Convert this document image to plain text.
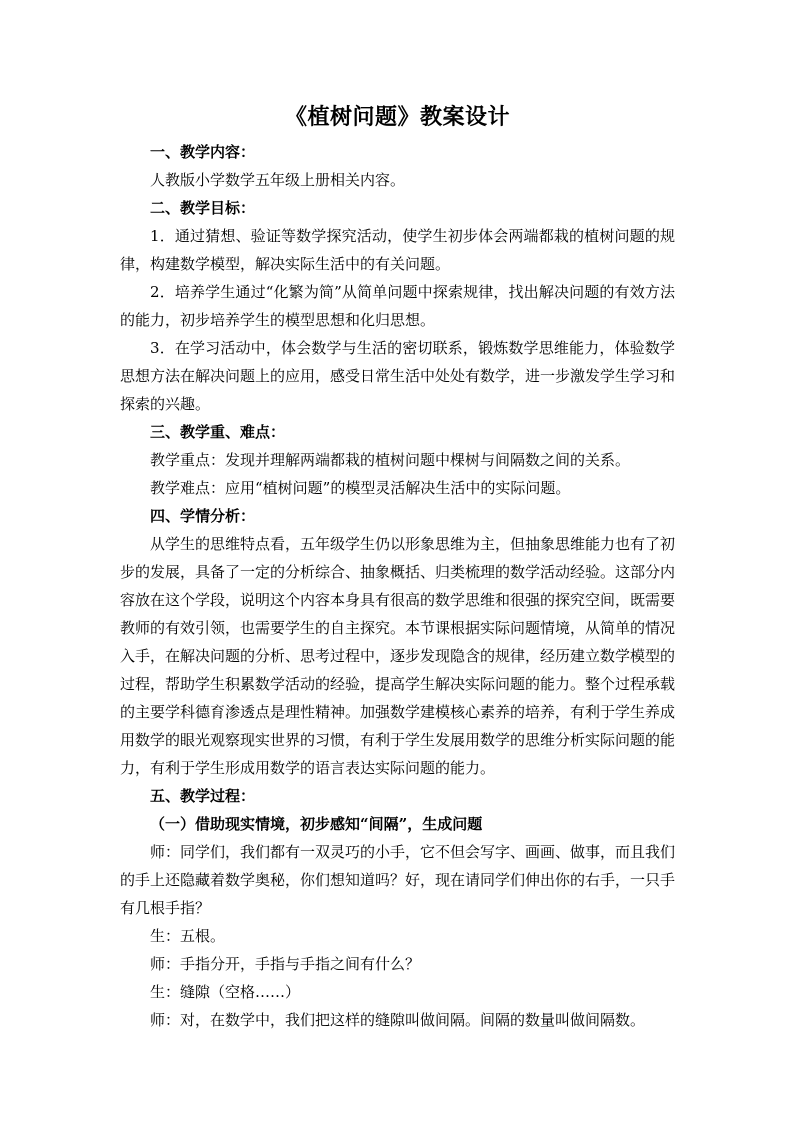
《植树问题》教案设计

一、教学内容：

人教版小学数学五年级上册相关内容。

二、教学目标：

1．通过猜想、验证等数学探究活动，使学生初步体会两端都栽的植树问题的规律，构建数学模型，解决实际生活中的有关问题。

2．培养学生通过“化繁为简”从简单问题中探索规律，找出解决问题的有效方法的能力，初步培养学生的模型思想和化归思想。

3．在学习活动中，体会数学与生活的密切联系，锻炼数学思维能力，体验数学思想方法在解决问题上的应用，感受日常生活中处处有数学，进一步激发学生学习和探索的兴趣。

三、教学重、难点：

教学重点：发现并理解两端都栽的植树问题中棵树与间隔数之间的关系。

教学难点：应用“植树问题”的模型灵活解决生活中的实际问题。

四、学情分析：

从学生的思维特点看，五年级学生仍以形象思维为主，但抽象思维能力也有了初步的发展，具备了一定的分析综合、抽象概括、归类梳理的数学活动经验。这部分内容放在这个学段，说明这个内容本身具有很高的数学思维和很强的探究空间，既需要教师的有效引领，也需要学生的自主探究。本节课根据实际问题情境，从简单的情况入手，在解决问题的分析、思考过程中，逐步发现隐含的规律，经历建立数学模型的过程，帮助学生积累数学活动的经验，提高学生解决实际问题的能力。整个过程承载的主要学科德育渗透点是理性精神。加强数学建模核心素养的培养，有利于学生养成用数学的眼光观察现实世界的习惯，有利于学生发展用数学的思维分析实际问题的能力，有利于学生形成用数学的语言表达实际问题的能力。

五、教学过程：

（一）借助现实情境，初步感知“间隔”，生成问题

师：同学们，我们都有一双灵巧的小手，它不但会写字、画画、做事，而且我们的手上还隐藏着数学奥秘，你们想知道吗？好，现在请同学们伸出你的右手，一只手有几根手指？

生：五根。

师：手指分开，手指与手指之间有什么？

生：缝隙（空格……）

师：对，在数学中，我们把这样的缝隙叫做间隔。间隔的数量叫做间隔数。
